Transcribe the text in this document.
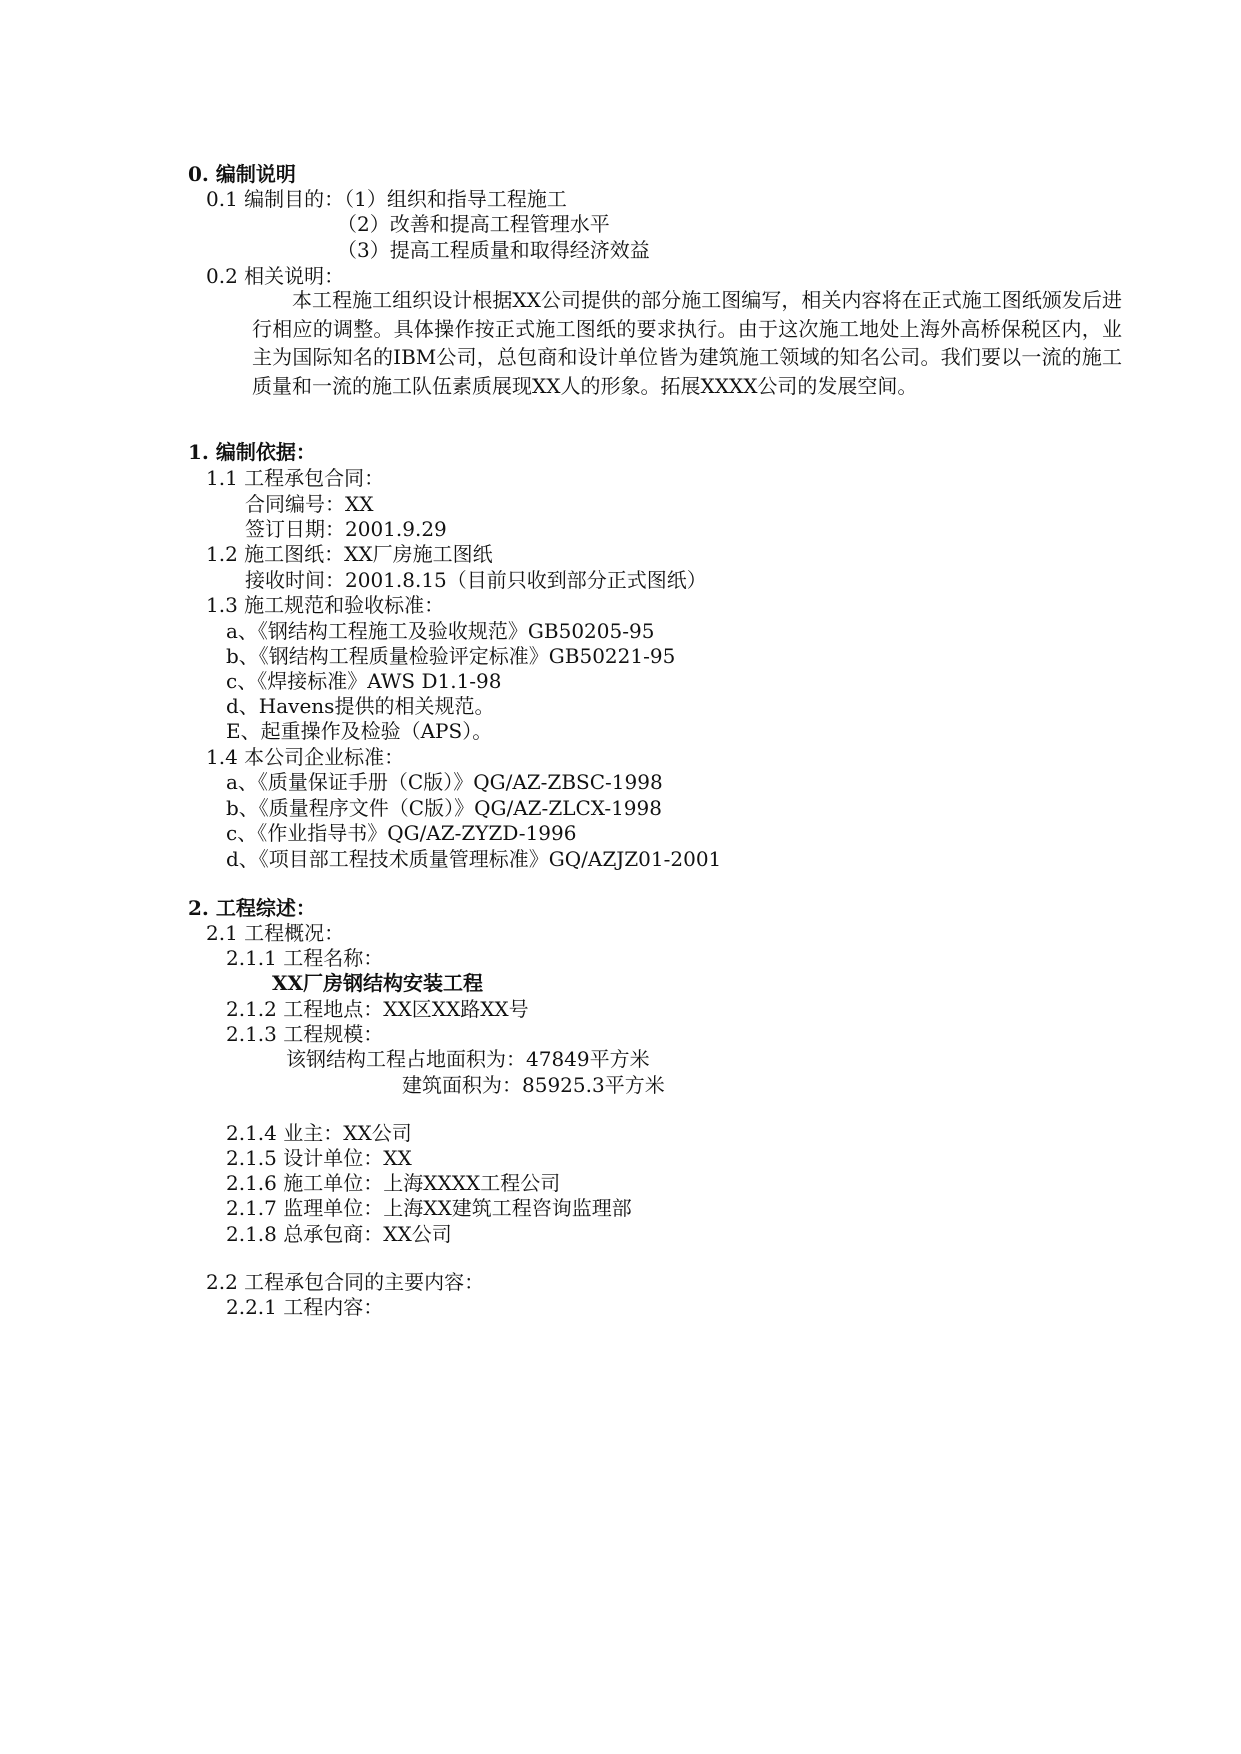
0. 编制说明
0.1 编制目的：（1）组织和指导工程施工
（2）改善和提高工程管理水平
（3）提高工程质量和取得经济效益
0.2 相关说明：
本工程施工组织设计根据XX公司提供的部分施工图编写，相关内容将在正式施工图纸颁发后进行相应的调整。具体操作按正式施工图纸的要求执行。由于这次施工地处上海外高桥保税区内，业主为国际知名的IBM公司，总包商和设计单位皆为建筑施工领域的知名公司。我们要以一流的施工质量和一流的施工队伍素质展现XX人的形象。拓展XXXX公司的发展空间。
1. 编制依据：
1.1 工程承包合同：
合同编号：XX
签订日期：2001.9.29
1.2 施工图纸：XX厂房施工图纸
接收时间：2001.8.15（目前只收到部分正式图纸）
1.3 施工规范和验收标准：
a、《钢结构工程施工及验收规范》GB50205-95
b、《钢结构工程质量检验评定标准》GB50221-95
c、《焊接标准》AWS D1.1-98
d、Havens提供的相关规范。
E、起重操作及检验（APS）。
1.4 本公司企业标准：
a、《质量保证手册（C版）》QG/AZ-ZBSC-1998
b、《质量程序文件（C版）》QG/AZ-ZLCX-1998
c、《作业指导书》QG/AZ-ZYZD-1996
d、《项目部工程技术质量管理标准》GQ/AZJZ01-2001
2. 工程综述：
2.1 工程概况：
2.1.1 工程名称：
XX厂房钢结构安装工程
2.1.2 工程地点：XX区XX路XX号
2.1.3 工程规模：
该钢结构工程占地面积为：47849平方米
建筑面积为：85925.3平方米
2.1.4 业主：XX公司
2.1.5 设计单位：XX
2.1.6 施工单位：上海XXXX工程公司
2.1.7 监理单位：上海XX建筑工程咨询监理部
2.1.8 总承包商：XX公司
2.2 工程承包合同的主要内容：
2.2.1 工程内容：
